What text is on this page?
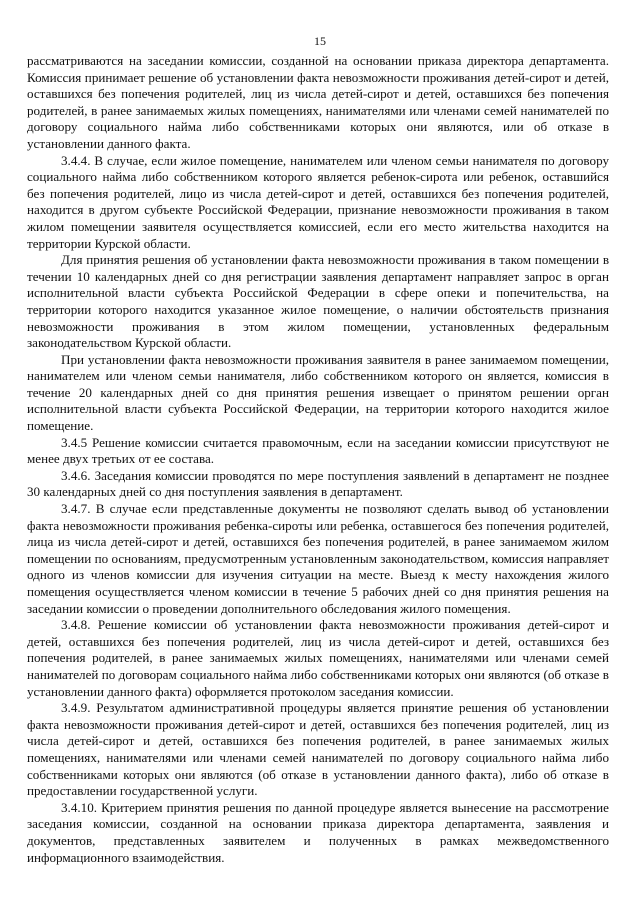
15

рассматриваются на заседании комиссии, созданной на основании приказа директора департамента. Комиссия принимает решение об установлении факта невозможности проживания детей-сирот и детей, оставшихся без попечения родителей, лиц из числа детей-сирот и детей, оставшихся без попечения родителей, в ранее занимаемых жилых помещениях, нанимателями или членами семей нанимателей по договору социального найма либо собственниками которых они являются, или об отказе в установлении данного факта.

3.4.4. В случае, если жилое помещение, нанимателем или членом семьи нанимателя по договору социального найма либо собственником которого является ребенок-сирота или ребенок, оставшийся без попечения родителей, лицо из числа детей-сирот и детей, оставшихся без попечения родителей, находится в другом субъекте Российской Федерации, признание невозможности проживания в таком жилом помещении заявителя осуществляется комиссией, если его место жительства находится на территории Курской области.

Для принятия решения об установлении факта невозможности проживания в таком помещении в течении 10 календарных дней со дня регистрации заявления департамент направляет запрос в орган исполнительной власти субъекта Российской Федерации в сфере опеки и попечительства, на территории которого находится указанное жилое помещение, о наличии обстоятельств признания невозможности проживания в этом жилом помещении, установленных федеральным законодательством Курской области.

При установлении факта невозможности проживания заявителя в ранее занимаемом помещении, нанимателем или членом семьи нанимателя, либо собственником которого он является, комиссия в течение 20 календарных дней со дня принятия решения извещает о принятом решении орган исполнительной власти субъекта Российской Федерации, на территории которого находится жилое помещение.

3.4.5 Решение комиссии считается правомочным, если на заседании комиссии присутствуют не менее двух третьих от ее состава.

3.4.6. Заседания комиссии проводятся по мере поступления заявлений в департамент не позднее 30 календарных дней со дня поступления заявления в департамент.

3.4.7. В случае если представленные документы не позволяют сделать вывод об установлении факта невозможности проживания ребенка-сироты или ребенка, оставшегося без попечения родителей, лица из числа детей-сирот и детей, оставшихся без попечения родителей, в ранее занимаемом жилом помещении по основаниям, предусмотренным установленным законодательством, комиссия направляет одного из членов комиссии для изучения ситуации на месте. Выезд к месту нахождения жилого помещения осуществляется членом комиссии в течение 5 рабочих дней со дня принятия решения на заседании комиссии о проведении дополнительного обследования жилого помещения.

3.4.8. Решение комиссии об установлении факта невозможности проживания детей-сирот и детей, оставшихся без попечения родителей, лиц из числа детей-сирот и детей, оставшихся без попечения родителей, в ранее занимаемых жилых помещениях, нанимателями или членами семей нанимателей по договорам социального найма либо собственниками которых они являются (об отказе в установлении данного факта) оформляется протоколом заседания комиссии.

3.4.9. Результатом административной процедуры является принятие решения об установлении факта невозможности проживания детей-сирот и детей, оставшихся без попечения родителей, лиц из числа детей-сирот и детей, оставшихся без попечения родителей, в ранее занимаемых жилых помещениях, нанимателями или членами семей нанимателей по договору социального найма либо собственниками которых они являются (об отказе в установлении данного факта), либо об отказе в предоставлении государственной услуги.

3.4.10. Критерием принятия решения по данной процедуре является вынесение на рассмотрение заседания комиссии, созданной на основании приказа директора департамента, заявления и документов, представленных заявителем и полученных в рамках межведомственного информационного взаимодействия.
